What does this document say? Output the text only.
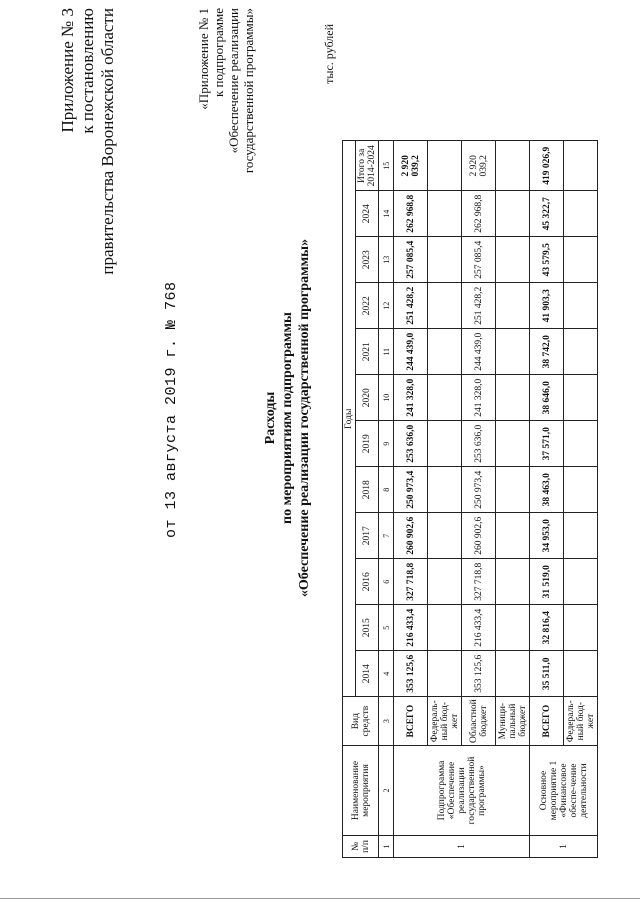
Приложение № 3 к постановлению правительства Воронежской области
от 13 августа 2019 г. № 768
«Приложение № 1 к подпрограмме «Обеспечение реализации государственной программы»
Расходы по мероприятиям подпрограммы «Обеспечение реализации государственной программы»
тыс. рублей
№ п/п	Наименование мероприятия	Вид средств	Годы											
			2014	2015	2016	2017	2018	2019	2020	2021	2022	2023	2024	Итого за 2014-2024
1	2	3	4	5	6	7	8	9	10	11	12	13	14	15
1	Подпрограмма «Обеспечение реализации государственной программы»	ВСЕГО	353 125,6	216 433,4	327 718,8	260 902,6	250 973,4	253 636,0	241 328,0	244 439,0	251 428,2	257 085,4	262 968,8	2 920 039,2
		Федераль-ный бюд-жет												
		Областной бюджет	353 125,6	216 433,4	327 718,8	260 902,6	250 973,4	253 636,0	241 328,0	244 439,0	251 428,2	257 085,4	262 968,8	2 920 039,2
		Муници-пальный бюджет												
1	Основное мероприятие 1 «Финансовое обеспе-чение деятельности	ВСЕГО	35 511,0	32 816,4	31 519,0	34 953,0	38 463,0	37 571,0	38 646,0	38 742,0	41 903,3	43 579,5	45 322,7	419 026,9
		Федераль-ный бюд-жет												
